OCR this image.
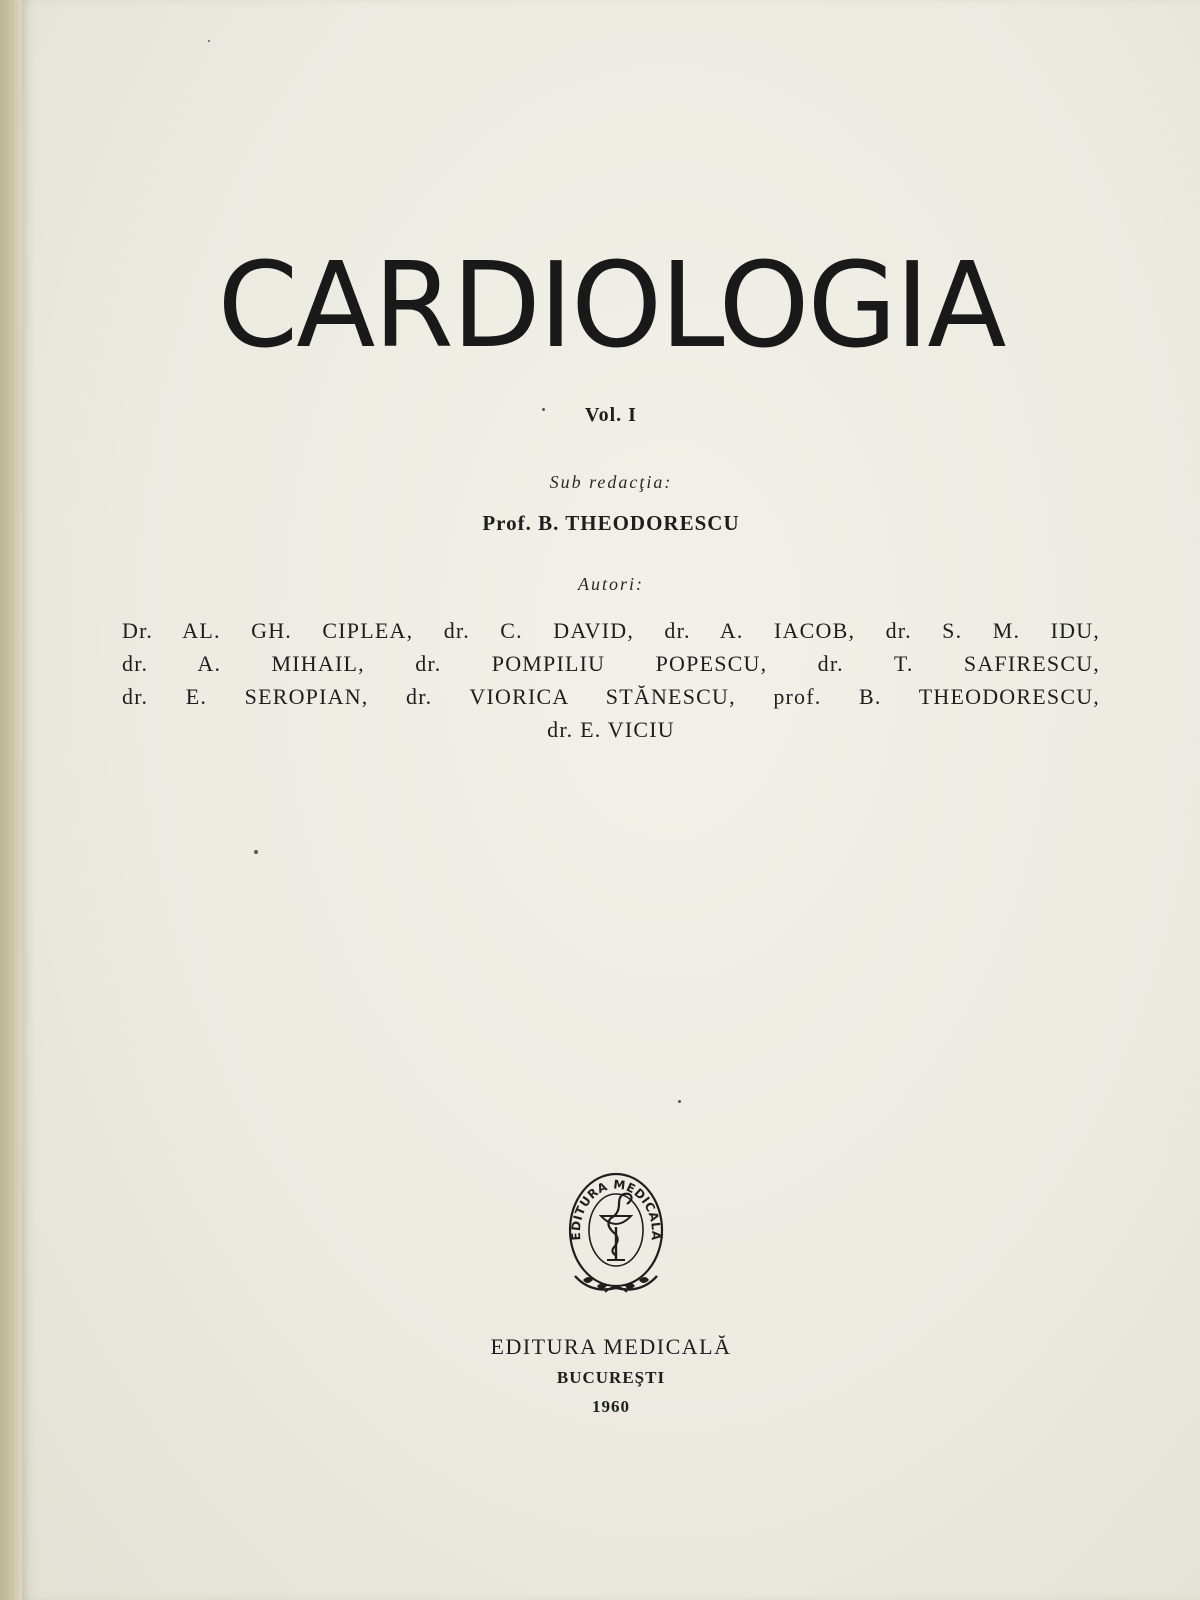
CARDIOLOGIA
Vol. I
Sub redacţia:
Prof. B. THEODORESCU
Autori:
Dr. AL. GH. CIPLEA, dr. C. DAVID, dr. A. IACOB, dr. S. M. IDU,
dr. A. MIHAIL, dr. POMPILIU POPESCU, dr. T. SAFIRESCU,
dr. E. SEROPIAN, dr. VIORICA STĂNESCU, prof. B. THEODORESCU,
dr. E. VICIU
EDITURA MEDICALĂ
EDITURA MEDICALĂ
BUCUREŞTI
1960
